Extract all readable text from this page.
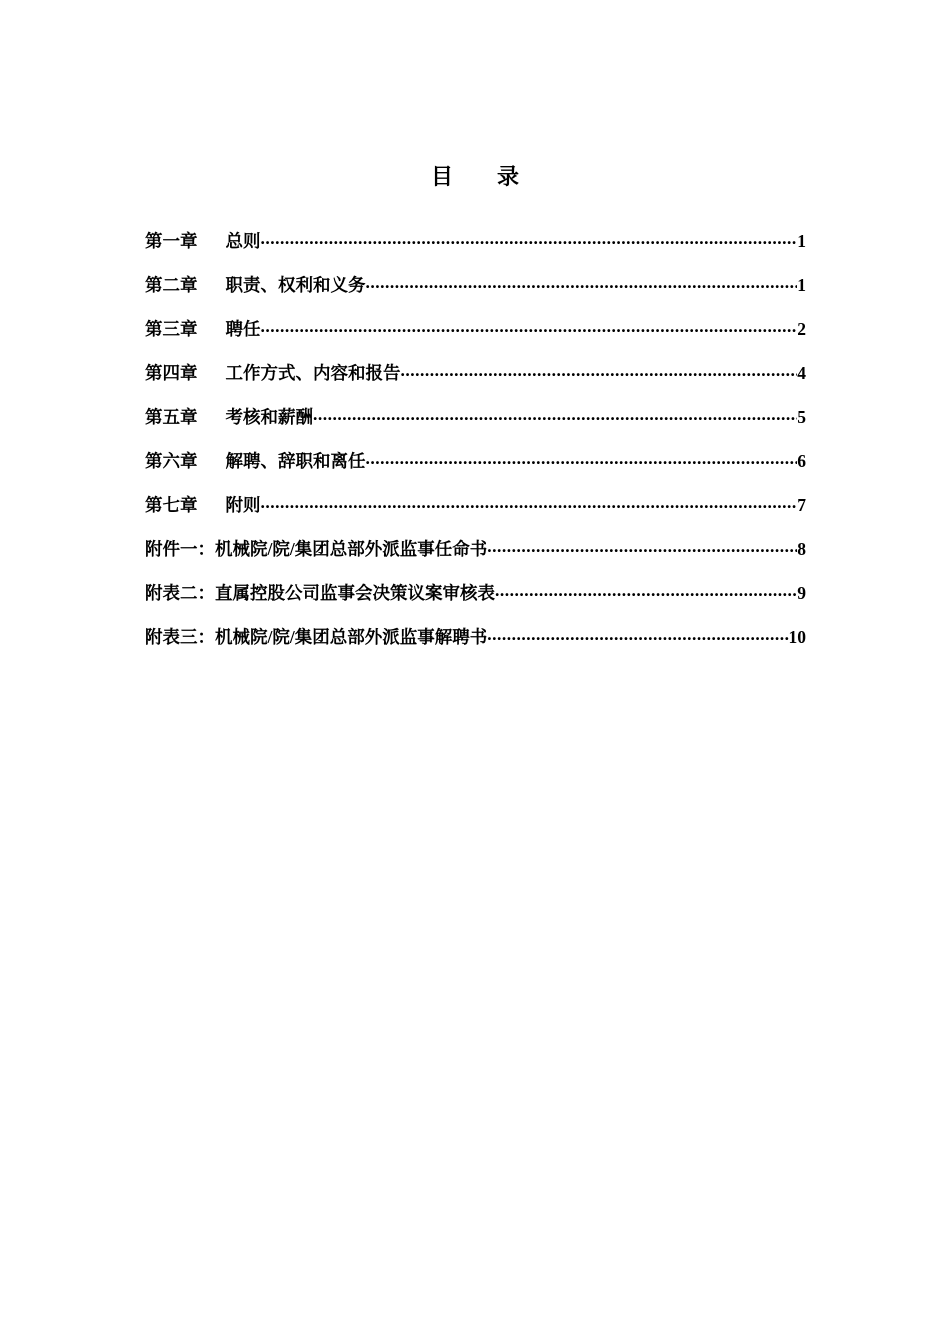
目 录
第一章 总则 .....	1
第二章 职责、权利和义务 .....	1
第三章 聘任 .....	2
第四章 工作方式、内容和报告 .....	4
第五章 考核和薪酬 .....	5
第六章 解聘、辞职和离任 .....	6
第七章 附则 .....	7
附件一：机械院/院/集团总部外派监事任命书 .....	8
附表二：直属控股公司监事会决策议案审核表 .....	9
附表三：机械院/院/集团总部外派监事解聘书 .....	10
